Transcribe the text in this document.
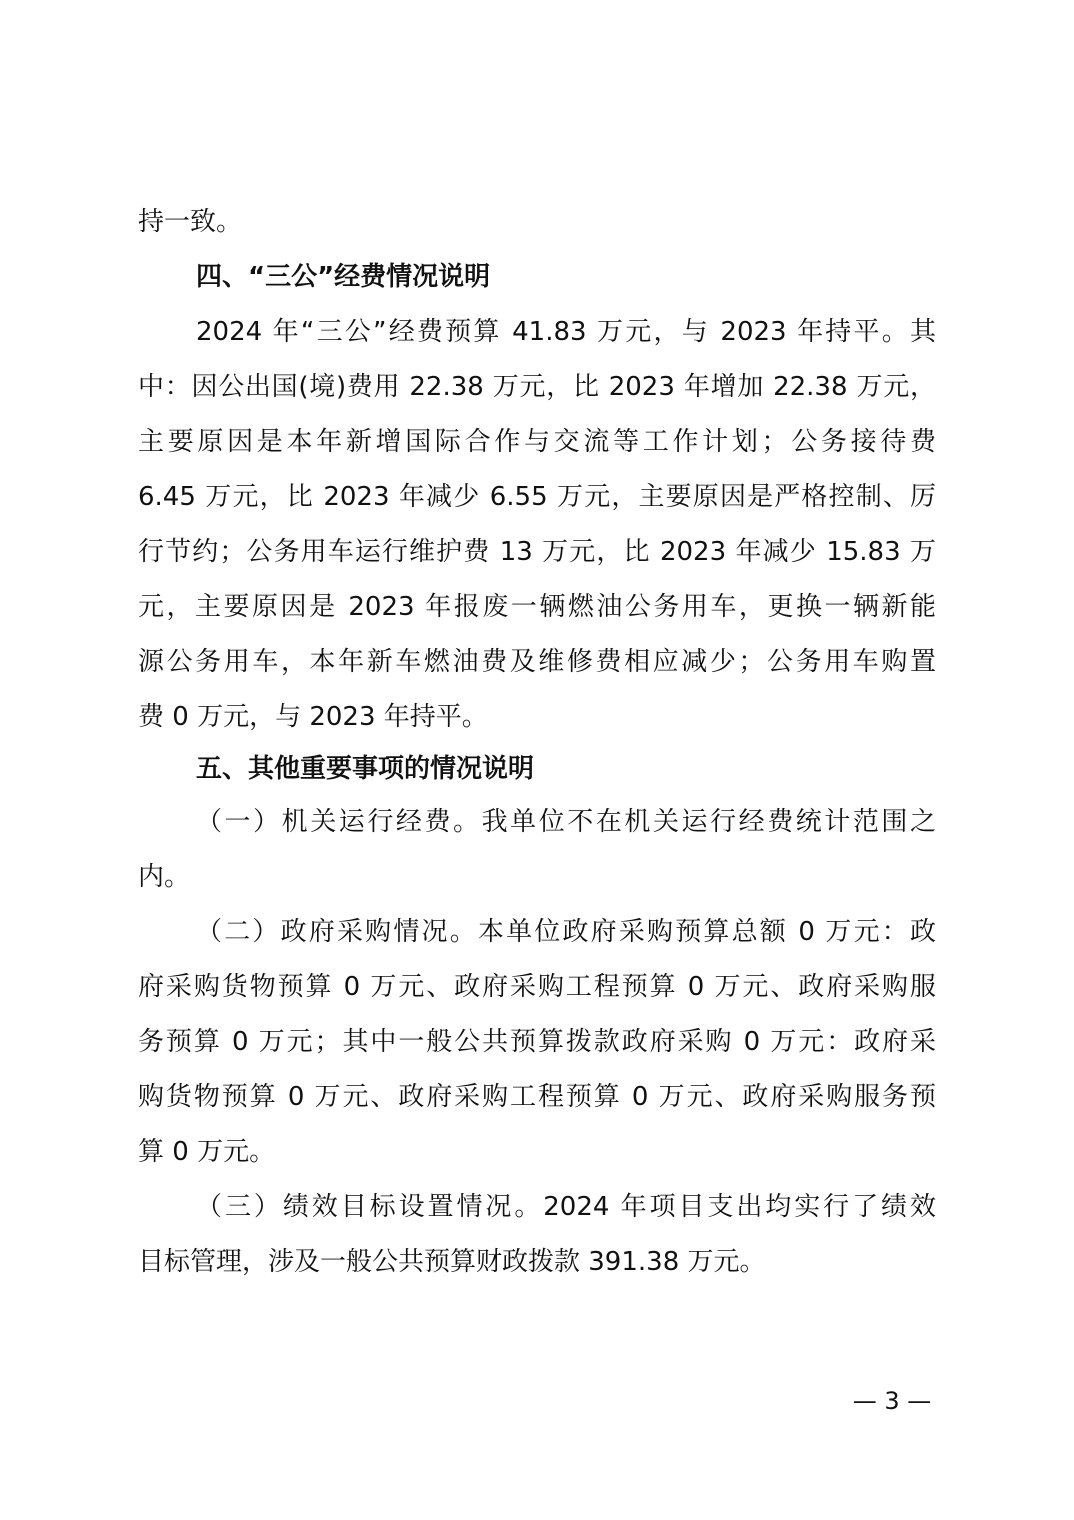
持一致。
四、“三公”经费情况说明
2024 年“三公”经费预算 41.83 万元，与 2023 年持平。其
中：因公出国(境)费用 22.38 万元，比 2023 年增加 22.38 万元，
主要原因是本年新增国际合作与交流等工作计划；公务接待费
6.45 万元，比 2023 年减少 6.55 万元，主要原因是严格控制、厉
行节约；公务用车运行维护费 13 万元，比 2023 年减少 15.83 万
元，主要原因是 2023 年报废一辆燃油公务用车，更换一辆新能
源公务用车，本年新车燃油费及维修费相应减少；公务用车购置
费 0 万元，与 2023 年持平。
五、其他重要事项的情况说明
（一）机关运行经费。我单位不在机关运行经费统计范围之
内。
（二）政府采购情况。本单位政府采购预算总额 0 万元：政
府采购货物预算 0 万元、政府采购工程预算 0 万元、政府采购服
务预算 0 万元；其中一般公共预算拨款政府采购 0 万元：政府采
购货物预算 0 万元、政府采购工程预算 0 万元、政府采购服务预
算 0 万元。
（三）绩效目标设置情况。2024 年项目支出均实行了绩效
目标管理，涉及一般公共预算财政拨款 391.38 万元。
— 3 —
